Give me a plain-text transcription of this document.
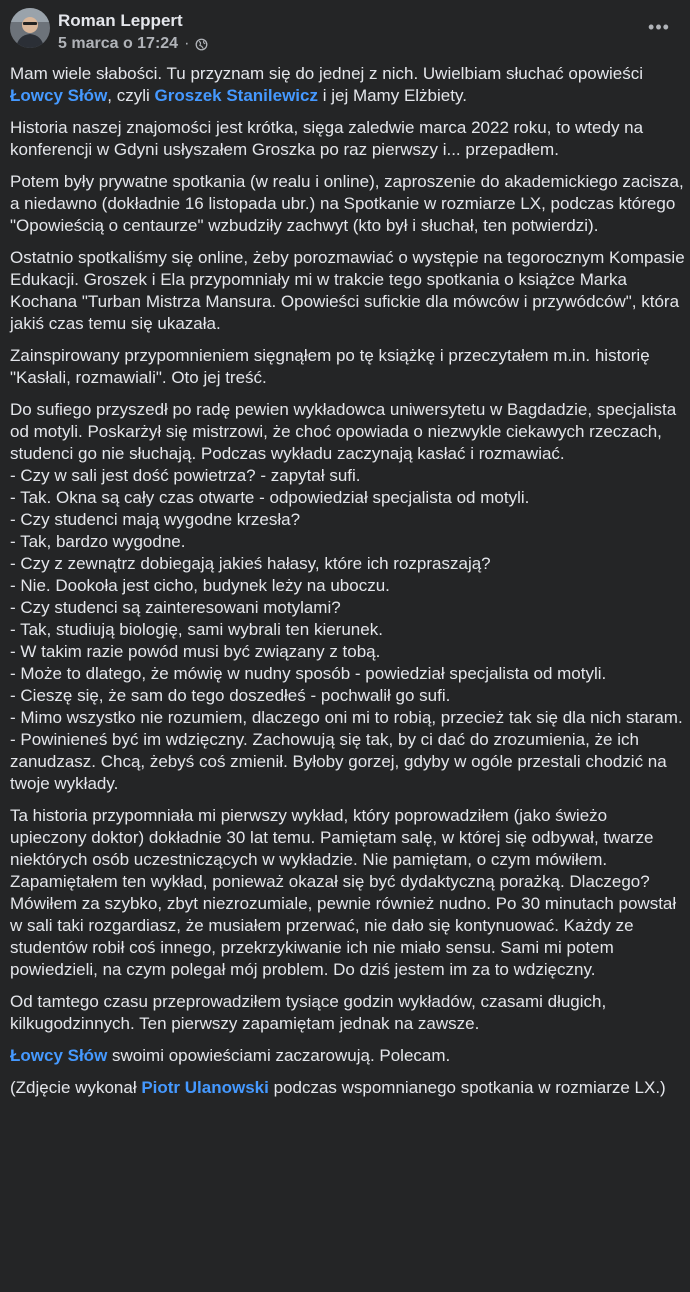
Roman Leppert
5 marca o 17:24 ·
•••

Mam wiele słabości. Tu przyznam się do jednej z nich. Uwielbiam słuchać opowieści Łowcy Słów, czyli Groszek Stanilewicz i jej Mamy Elżbiety.

Historia naszej znajomości jest krótka, sięga zaledwie marca 2022 roku, to wtedy na konferencji w Gdyni usłyszałem Groszka po raz pierwszy i... przepadłem.

Potem były prywatne spotkania (w realu i online), zaproszenie do akademickiego zacisza, a niedawno (dokładnie 16 listopada ubr.) na Spotkanie w rozmiarze LX, podczas którego "Opowieścią o centaurze" wzbudziły zachwyt (kto był i słuchał, ten potwierdzi).

Ostatnio spotkaliśmy się online, żeby porozmawiać o występie na tegorocznym Kompasie Edukacji. Groszek i Ela przypomniały mi w trakcie tego spotkania o książce Marka Kochana "Turban Mistrza Mansura. Opowieści sufickie dla mówców i przywódców", która jakiś czas temu się ukazała.

Zainspirowany przypomnieniem sięgnąłem po tę książkę i przeczytałem m.in. historię "Kasłali, rozmawiali". Oto jej treść.

Do sufiego przyszedł po radę pewien wykładowca uniwersytetu w Bagdadzie, specjalista od motyli. Poskarżył się mistrzowi, że choć opowiada o niezwykle ciekawych rzeczach, studenci go nie słuchają. Podczas wykładu zaczynają kasłać i rozmawiać.
- Czy w sali jest dość powietrza? - zapytał sufi.
- Tak. Okna są cały czas otwarte - odpowiedział specjalista od motyli.
- Czy studenci mają wygodne krzesła?
- Tak, bardzo wygodne.
- Czy z zewnątrz dobiegają jakieś hałasy, które ich rozpraszają?
- Nie. Dookoła jest cicho, budynek leży na uboczu.
- Czy studenci są zainteresowani motylami?
- Tak, studiują biologię, sami wybrali ten kierunek.
- W takim razie powód musi być związany z tobą.
- Może to dlatego, że mówię w nudny sposób - powiedział specjalista od motyli.
- Cieszę się, że sam do tego doszedłeś - pochwalił go sufi.
- Mimo wszystko nie rozumiem, dlaczego oni mi to robią, przecież tak się dla nich staram.
- Powinieneś być im wdzięczny. Zachowują się tak, by ci dać do zrozumienia, że ich zanudzasz. Chcą, żebyś coś zmienił. Byłoby gorzej, gdyby w ogóle przestali chodzić na twoje wykłady.

Ta historia przypomniała mi pierwszy wykład, który poprowadziłem (jako świeżo upieczony doktor) dokładnie 30 lat temu. Pamiętam salę, w której się odbywał, twarze niektórych osób uczestniczących w wykładzie. Nie pamiętam, o czym mówiłem. Zapamiętałem ten wykład, ponieważ okazał się być dydaktyczną porażką. Dlaczego? Mówiłem za szybko, zbyt niezrozumiale, pewnie również nudno. Po 30 minutach powstał w sali taki rozgardiasz, że musiałem przerwać, nie dało się kontynuować. Każdy ze studentów robił coś innego, przekrzykiwanie ich nie miało sensu. Sami mi potem powiedzieli, na czym polegał mój problem. Do dziś jestem im za to wdzięczny.

Od tamtego czasu przeprowadziłem tysiące godzin wykładów, czasami długich, kilkugodzinnych. Ten pierwszy zapamiętam jednak na zawsze.

Łowcy Słów swoimi opowieściami zaczarowują. Polecam.

(Zdjęcie wykonał Piotr Ulanowski podczas wspomnianego spotkania w rozmiarze LX.)
